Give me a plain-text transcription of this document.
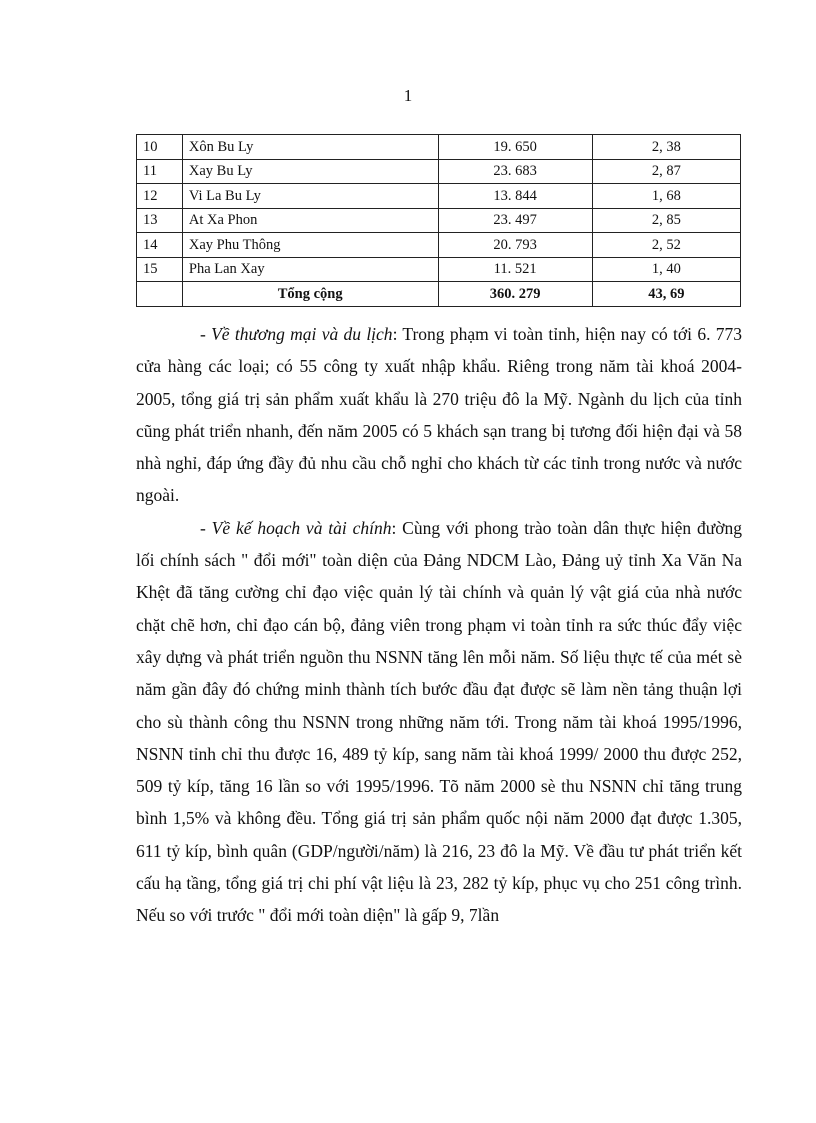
1
10	Xôn Bu Ly	19. 650	2, 38
11	Xay Bu Ly	23. 683	2, 87
12	Vi La Bu Ly	13. 844	1, 68
13	At Xa Phon	23. 497	2, 85
14	Xay Phu Thông	20. 793	2, 52
15	Pha Lan Xay	11. 521	1, 40
	Tổng cộng	360. 279	43, 69

- Về thương mại và du lịch: Trong phạm vi toàn tỉnh, hiện nay có tới 6. 773 cửa hàng các loại; có 55 công ty xuất nhập khẩu. Riêng trong năm tài khoá 2004-2005, tổng giá trị sản phẩm xuất khẩu là 270 triệu đô la Mỹ. Ngành du lịch của tỉnh cũng phát triển nhanh, đến năm 2005 có 5 khách sạn trang bị tương đối hiện đại và 58 nhà nghỉ, đáp ứng đầy đủ nhu cầu chỗ nghỉ cho khách từ các tỉnh trong nước và nước ngoài.

- Về kế hoạch và tài chính: Cùng với phong trào toàn dân thực hiện đường lối chính sách " đổi mới" toàn diện của Đảng NDCM Lào, Đảng uỷ tỉnh Xa Văn Na Khệt đã tăng cường chỉ đạo việc quản lý tài chính và quản lý vật giá của nhà nước chặt chẽ hơn, chỉ đạo cán bộ, đảng viên trong phạm vi toàn tỉnh ra sức thúc đẩy việc xây dựng và phát triển nguồn thu NSNN tăng lên mỗi năm. Số liệu thực tế của mét sè năm gần đây đó chứng minh thành tích bước đầu đạt được sẽ làm nền tảng thuận lợi cho sù thành công thu NSNN trong những năm tới. Trong năm tài khoá 1995/1996, NSNN tỉnh chỉ thu được 16, 489 tỷ kíp, sang năm tài khoá 1999/ 2000 thu được 252, 509 tỷ kíp, tăng 16 lần so với 1995/1996. Tõ năm 2000 sè thu NSNN chỉ tăng trung bình 1,5% và không đều. Tổng giá trị sản phẩm quốc nội năm 2000 đạt được 1.305, 611 tỷ kíp, bình quân (GDP/người/năm) là 216, 23 đô la Mỹ. Về đầu tư phát triển kết cấu hạ tầng, tổng giá trị chi phí vật liệu là 23, 282 tỷ kíp, phục vụ cho 251 công trình. Nếu so với trước " đổi mới toàn diện" là gấp 9, 7lần
